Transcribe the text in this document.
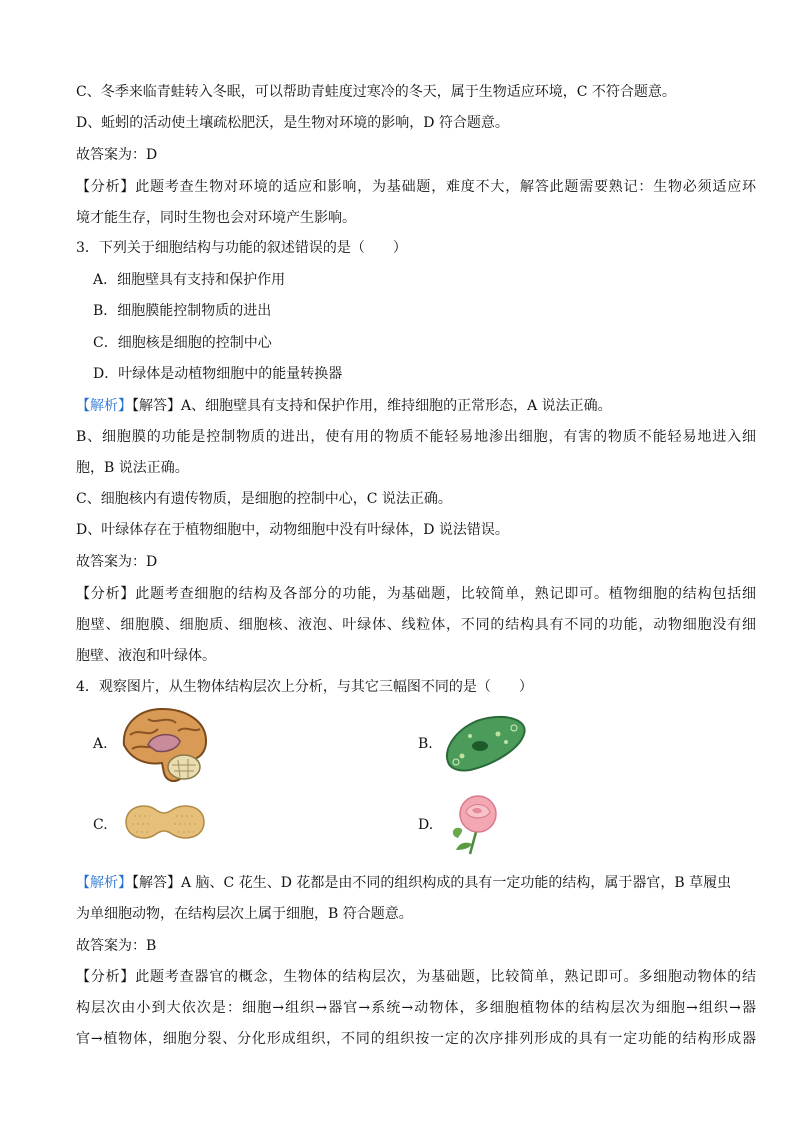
C、冬季来临青蛙转入冬眠，可以帮助青蛙度过寒冷的冬天，属于生物适应环境，C 不符合题意。

D、蚯蚓的活动使土壤疏松肥沃，是生物对环境的影响，D 符合题意。

故答案为：D

【分析】此题考查生物对环境的适应和影响，为基础题，难度不大，解答此题需要熟记：生物必须适应环

境才能生存，同时生物也会对环境产生影响。

3．下列关于细胞结构与功能的叙述错误的是（　　）

A．细胞壁具有支持和保护作用

B．细胞膜能控制物质的进出

C．细胞核是细胞的控制中心

D．叶绿体是动植物细胞中的能量转换器

【解析】【解答】A、细胞壁具有支持和保护作用，维持细胞的正常形态，A 说法正确。

B、细胞膜的功能是控制物质的进出，使有用的物质不能轻易地渗出细胞，有害的物质不能轻易地进入细

胞，B 说法正确。

C、细胞核内有遗传物质，是细胞的控制中心，C 说法正确。

D、叶绿体存在于植物细胞中，动物细胞中没有叶绿体，D 说法错误。

故答案为：D

【分析】此题考查细胞的结构及各部分的功能，为基础题，比较简单，熟记即可。植物细胞的结构包括细

胞壁、细胞膜、细胞质、细胞核、液泡、叶绿体、线粒体，不同的结构具有不同的功能，动物细胞没有细

胞壁、液泡和叶绿体。

4．观察图片，从生物体结构层次上分析，与其它三幅图不同的是（　　）

A.	B.
C.	D.

【解析】【解答】A 脑、C 花生、D 花都是由不同的组织构成的具有一定功能的结构，属于器官，B 草履虫

为单细胞动物，在结构层次上属于细胞，B 符合题意。

故答案为：B

【分析】此题考查器官的概念，生物体的结构层次，为基础题，比较简单，熟记即可。多细胞动物体的结

构层次由小到大依次是：细胞→组织→器官→系统→动物体，多细胞植物体的结构层次为细胞→组织→器

官→植物体，细胞分裂、分化形成组织，不同的组织按一定的次序排列形成的具有一定功能的结构形成器
